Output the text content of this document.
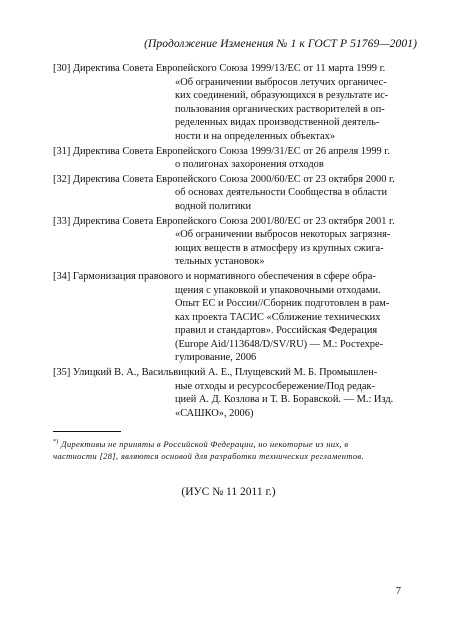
(Продолжение Изменения № 1 к ГОСТ Р 51769—2001)
[30] Директива Совета Европейского Союза 1999/13/ЕС от 11 марта 1999 г.
«Об ограничении выбросов летучих органичес-
ких соединений, образующихся в результате ис-
пользования органических растворителей в оп-
ределенных видах производственной деятель-
ности и на определенных объектах»
[31] Директива Совета Европейского Союза 1999/31/ЕС от 26 апреля 1999 г.
о полигонах захоронения отходов
[32] Директива Совета Европейского Союза 2000/60/ЕС от 23 октября 2000 г.
об основах деятельности Сообщества в области
водной политики
[33] Директива Совета Европейского Союза 2001/80/ЕС от 23 октября 2001 г.
«Об ограничении выбросов некоторых загрязня-
ющих веществ в атмосферу из крупных сжига-
тельных установок»
[34] Гармонизация правового и нормативного обеспечения в сфере обра-
щения с упаковкой и упаковочными отходами.
Опыт ЕС и России//Сборник подготовлен в рам-
ках проекта ТАСИС «Сближение технических
правил и стандартов». Российская Федерация
(Europe Aid/113648/D/SV/RU) — М.: Ростехре-
гулирование, 2006
[35] Улицкий В. А., Васильвицкий А. Е., Плущевский М. Б. Промышлен-
ные отходы и ресурсосбережение/Под редак-
цией А. Д. Козлова и Т. В. Боравской. — М.: Изд.
«САШКО», 2006)
*) Директивы не приняты в Российской Федерации, но некоторые из них, в
частности [28], являются основой для разработки технических регламентов.
(ИУС № 11 2011 г.)
7
